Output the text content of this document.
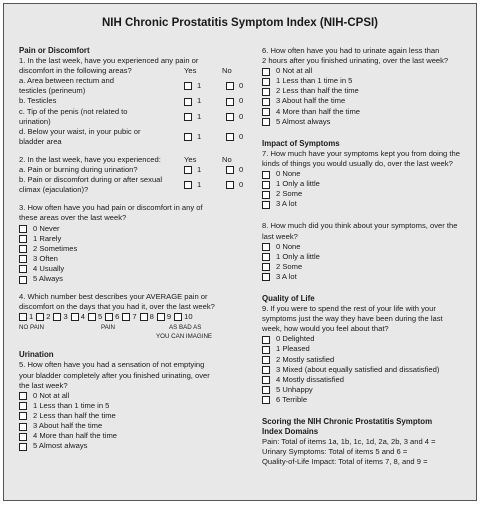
NIH Chronic Prostatitis Symptom Index (NIH-CPSI)
Pain or Discomfort
1. In the last week, have you experienced any pain or
discomfort in the following areas?	Yes	No
a. Area between rectum and
testicles (perineum)
1	0
b. Testicles	1	0
c. Tip of the penis (not related to
urination)
1	0
d. Below your waist, in your pubic or
bladder area
1	0
2. In the last week, have you experienced:	Yes	No
a. Pain or burning during urination?	1	0
b. Pain or discomfort during or after sexual
climax (ejaculation)?
1	0
3. How often have you had pain or discomfort in any of
these areas over the last week?
0 Never
1 Rarely
2 Sometimes
3 Often
4 Usually
5 Always
4. Which number best describes your AVERAGE pain or
discomfort on the days that you had it, over the last week?
1 2 3 4 5 6 7 8 9 10
NO PAIN	PAIN	AS BAD AS
YOU CAN IMAGINE
Urination
5. How often have you had a sensation of not emptying
your bladder completely after you finished urinating, over
the last week?
0 Not at all
1 Less than 1 time in 5
2 Less than half the time
3 About half the time
4 More than half the time
5 Almost always
6. How often have you had to urinate again less than
2 hours after you finished urinating, over the last week?
0 Not at all
1 Less than 1 time in 5
2 Less than half the time
3 About half the time
4 More than half the time
5 Almost always
Impact of Symptoms
7. How much have your symptoms kept you from doing the
kinds of things you would usually do, over the last week?
0 None
1 Only a little
2 Some
3 A lot
8. How much did you think about your symptoms, over the
last week?
0 None
1 Only a little
2 Some
3 A lot
Quality of Life
9. If you were to spend the rest of your life with your
symptoms just the way they have been during the last
week, how would you feel about that?
0 Delighted
1 Pleased
2 Mostly satisfied
3 Mixed (about equally satisfied and dissatisfied)
4 Mostly dissatisfied
5 Unhappy
6 Terrible
Scoring the NIH Chronic Prostatitis Symptom
Index Domains
Pain: Total of items 1a, 1b, 1c, 1d, 2a, 2b, 3 and 4 =
Urinary Symptoms: Total of items 5 and 6 =
Quality-of-Life Impact: Total of items 7, 8, and 9 =
